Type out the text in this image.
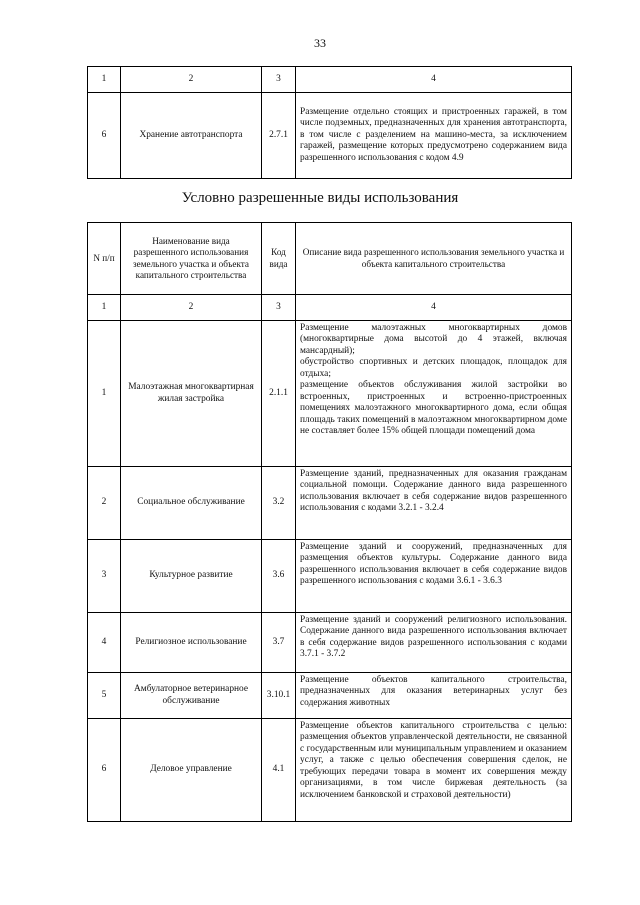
33
1	2	3	4
6	Хранение автотранспорта	2.7.1	Размещение отдельно стоящих и пристроенных гаражей, в том числе подземных, предназначенных для хранения автотранспорта, в том числе с разделением на машино-места, за исключением гаражей, размещение которых предусмотрено содержанием вида разрешенного использования с кодом 4.9
Условно разрешенные виды использования
N п/п	Наименование вида разрешенного использования земельного участка и объекта капитального строительства	Код вида	Описание вида разрешенного использования земельного участка и объекта капитального строительства
1	2	3	4
1	Малоэтажная многоквартирная жилая застройка	2.1.1	Размещение малоэтажных многоквартирных домов (многоквартирные дома высотой до 4 этажей, включая мансардный);
обустройство спортивных и детских площадок, площадок для отдыха;
размещение объектов обслуживания жилой застройки во встроенных, пристроенных и встроенно-пристроенных помещениях малоэтажного многоквартирного дома, если общая площадь таких помещений в малоэтажном многоквартирном доме не составляет более 15% общей площади помещений дома
2	Социальное обслуживание	3.2	Размещение зданий, предназначенных для оказания гражданам социальной помощи. Содержание данного вида разрешенного использования включает в себя содержание видов разрешенного использования с кодами 3.2.1 - 3.2.4
3	Культурное развитие	3.6	Размещение зданий и сооружений, предназначенных для размещения объектов культуры. Содержание данного вида разрешенного использования включает в себя содержание видов разрешенного использования с кодами 3.6.1 - 3.6.3
4	Религиозное использование	3.7	Размещение зданий и сооружений религиозного использования. Содержание данного вида разрешенного использования включает в себя содержание видов разрешенного использования с кодами 3.7.1 - 3.7.2
5	Амбулаторное ветеринарное обслуживание	3.10.1	Размещение объектов капитального строительства, предназначенных для оказания ветеринарных услуг без содержания животных
6	Деловое управление	4.1	Размещение объектов капитального строительства с целью: размещения объектов управленческой деятельности, не связанной с государственным или муниципальным управлением и оказанием услуг, а также с целью обеспечения совершения сделок, не требующих передачи товара в момент их совершения между организациями, в том числе биржевая деятельность (за исключением банковской и страховой деятельности)
